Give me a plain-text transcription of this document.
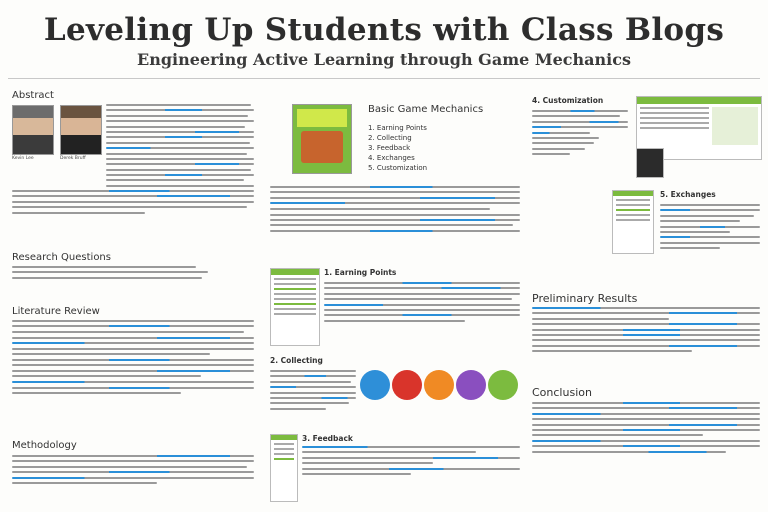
Leveling Up Students with Class Blogs
Engineering Active Learning through Game Mechanics
Abstract
Kevin Lee	Derek Bruff
Research Questions
Literature Review
Methodology
Basic Game Mechanics
1. Earning Points
2. Collecting
3. Feedback
4. Exchanges
5. Customization
1. Earning Points
2. Collecting
3. Feedback
4. Customization
5. Exchanges
Preliminary Results
Conclusion
